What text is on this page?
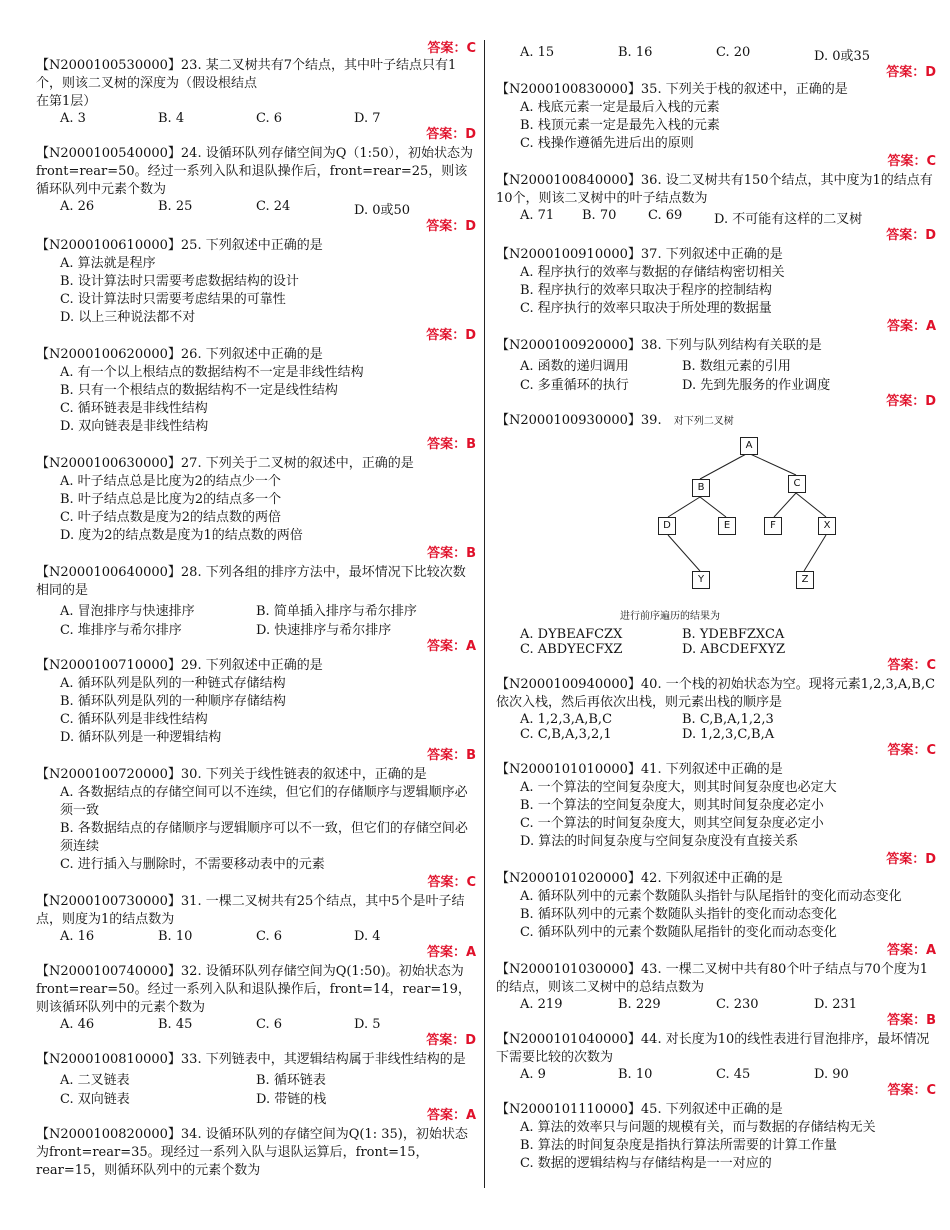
答案：C
【N2000100530000】23. 某二叉树共有7个结点，其中叶子结点只有1个，则该二叉树的深度为（假设根结点
在第1层）
A. 3	B. 4	C. 6	D. 7
答案：D
【N2000100540000】24. 设循环队列存储空间为Q（1:50），初始状态为front=rear=50。经过一系列入队和退队操作后，front=rear=25，则该循环队列中元素个数为
A. 26	B. 25	C. 24	D. 0或50
答案：D
【N2000100610000】25. 下列叙述中正确的是
A. 算法就是程序
B. 设计算法时只需要考虑数据结构的设计
C. 设计算法时只需要考虑结果的可靠性
D. 以上三种说法都不对
答案：D
【N2000100620000】26. 下列叙述中正确的是
A. 有一个以上根结点的数据结构不一定是非线性结构
B. 只有一个根结点的数据结构不一定是线性结构
C. 循环链表是非线性结构
D. 双向链表是非线性结构
答案：B
【N2000100630000】27. 下列关于二叉树的叙述中，正确的是
A. 叶子结点总是比度为2的结点少一个
B. 叶子结点总是比度为2的结点多一个
C. 叶子结点数是度为2的结点数的两倍
D. 度为2的结点数是度为1的结点数的两倍
答案：B
【N2000100640000】28. 下列各组的排序方法中，最坏情况下比较次数相同的是
A. 冒泡排序与快速排序	B. 简单插入排序与希尔排序
C. 堆排序与希尔排序	D. 快速排序与希尔排序
答案：A
【N2000100710000】29. 下列叙述中正确的是
A. 循环队列是队列的一种链式存储结构
B. 循环队列是队列的一种顺序存储结构
C. 循环队列是非线性结构
D. 循环队列是一种逻辑结构
答案：B
【N2000100720000】30. 下列关于线性链表的叙述中，正确的是
A. 各数据结点的存储空间可以不连续，但它们的存储顺序与逻辑顺序必须一致
B. 各数据结点的存储顺序与逻辑顺序可以不一致，但它们的存储空间必须连续
C. 进行插入与删除时，不需要移动表中的元素
答案：C
【N2000100730000】31. 一棵二叉树共有25个结点，其中5个是叶子结点，则度为1的结点数为
A. 16	B. 10	C. 6	D. 4
答案：A
【N2000100740000】32. 设循环队列存储空间为Q(1:50)。初始状态为front=rear=50。经过一系列入队和退队操作后，front=14，rear=19，则该循环队列中的元素个数为
A. 46	B. 45	C. 6	D. 5
答案：D
【N2000100810000】33. 下列链表中，其逻辑结构属于非线性结构的是
A. 二叉链表	B. 循环链表
C. 双向链表	D. 带链的栈
答案：A
【N2000100820000】34. 设循环队列的存储空间为Q(1: 35)，初始状态为front=rear=35。现经过一系列入队与退队运算后，front=15，rear=15，则循环队列中的元素个数为
A. 15	B. 16	C. 20	D. 0或35
答案：D
【N2000100830000】35. 下列关于栈的叙述中，正确的是
A. 栈底元素一定是最后入栈的元素
B. 栈顶元素一定是最先入栈的元素
C. 栈操作遵循先进后出的原则
答案：C
【N2000100840000】36. 设二叉树共有150个结点，其中度为1的结点有10个，则该二叉树中的叶子结点数为
A. 71	B. 70	C. 69	D. 不可能有这样的二叉树
答案：D
【N2000100910000】37. 下列叙述中正确的是
A. 程序执行的效率与数据的存储结构密切相关
B. 程序执行的效率只取决于程序的控制结构
C. 程序执行的效率只取决于所处理的数据量
答案：A
【N2000100920000】38. 下列与队列结构有关联的是
A. 函数的递归调用	B. 数组元素的引用
C. 多重循环的执行	D. 先到先服务的作业调度
答案：D
【N2000100930000】39. 对下列二叉树
A
B	C
D	E	F	X
Y	Z
进行前序遍历的结果为
A. DYBEAFCZX	B. YDEBFZXCA
C. ABDYECFXZ	D. ABCDEFXYZ
答案：C
【N2000100940000】40. 一个栈的初始状态为空。现将元素1,2,3,A,B,C依次入栈，然后再依次出栈，则元素出栈的顺序是
A. 1,2,3,A,B,C	B. C,B,A,1,2,3
C. C,B,A,3,2,1	D. 1,2,3,C,B,A
答案：C
【N2000101010000】41. 下列叙述中正确的是
A. 一个算法的空间复杂度大，则其时间复杂度也必定大
B. 一个算法的空间复杂度大，则其时间复杂度必定小
C. 一个算法的时间复杂度大，则其空间复杂度必定小
D. 算法的时间复杂度与空间复杂度没有直接关系
答案：D
【N2000101020000】42. 下列叙述中正确的是
A. 循环队列中的元素个数随队头指针与队尾指针的变化而动态变化
B. 循环队列中的元素个数随队头指针的变化而动态变化
C. 循环队列中的元素个数随队尾指针的变化而动态变化
答案：A
【N2000101030000】43. 一棵二叉树中共有80个叶子结点与70个度为1的结点，则该二叉树中的总结点数为
A. 219	B. 229	C. 230	D. 231
答案：B
【N2000101040000】44. 对长度为10的线性表进行冒泡排序，最坏情况下需要比较的次数为
A. 9	B. 10	C. 45	D. 90
答案：C
【N2000101110000】45. 下列叙述中正确的是
A. 算法的效率只与问题的规模有关，而与数据的存储结构无关
B. 算法的时间复杂度是指执行算法所需要的计算工作量
C. 数据的逻辑结构与存储结构是一一对应的
